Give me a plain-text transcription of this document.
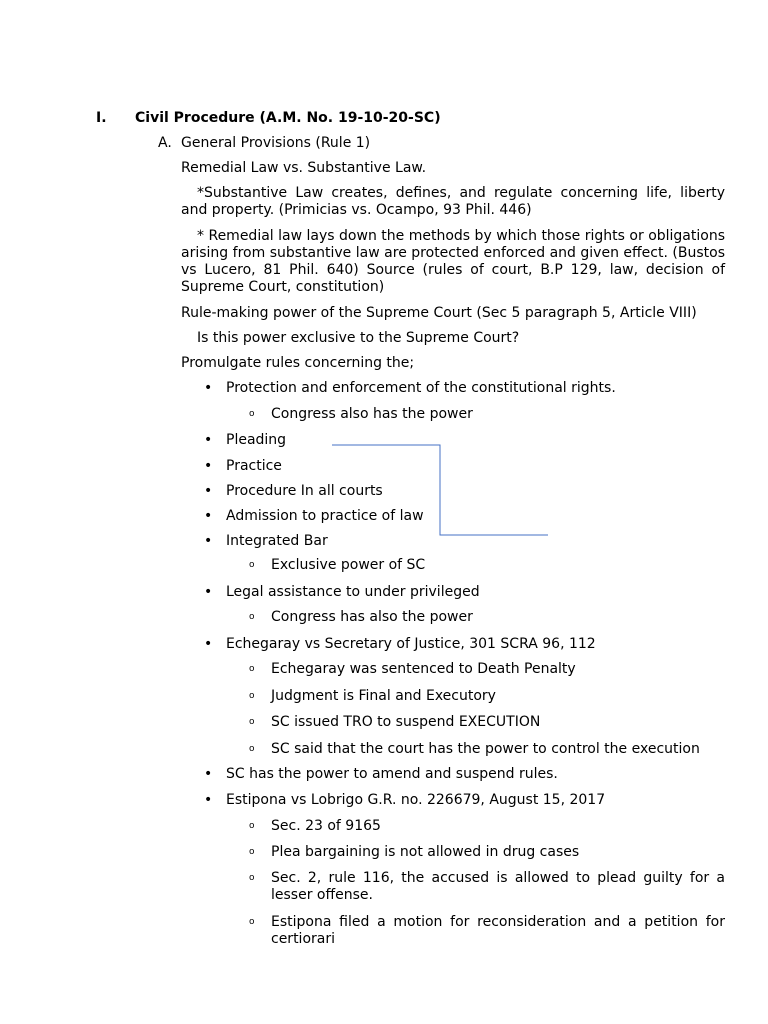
I. Civil Procedure (A.M. No. 19-10-20-SC)
A. General Provisions (Rule 1)
Remedial Law vs. Substantive Law.
*Substantive Law creates, defines, and regulate concerning life, liberty and property. (Primicias vs. Ocampo, 93 Phil. 446)
* Remedial law lays down the methods by which those rights or obligations arising from substantive law are protected enforced and given effect. (Bustos vs Lucero, 81 Phil. 640) Source (rules of court, B.P 129, law, decision of Supreme Court, constitution)
Rule-making power of the Supreme Court (Sec 5 paragraph 5, Article VIII)
Is this power exclusive to the Supreme Court?
Promulgate rules concerning the;
• Protection and enforcement of the constitutional rights.
o Congress also has the power
• Pleading
• Practice
• Procedure In all courts
• Admission to practice of law
• Integrated Bar
o Exclusive power of SC
• Legal assistance to under privileged
o Congress has also the power
• Echegaray vs Secretary of Justice, 301 SCRA 96, 112
o Echegaray was sentenced to Death Penalty
o Judgment is Final and Executory
o SC issued TRO to suspend EXECUTION
o SC said that the court has the power to control the execution
• SC has the power to amend and suspend rules.
• Estipona vs Lobrigo G.R. no. 226679, August 15, 2017
o Sec. 23 of 9165
o Plea bargaining is not allowed in drug cases
o Sec. 2, rule 116, the accused is allowed to plead guilty for a lesser offense.
o Estipona filed a motion for reconsideration and a petition for certiorari
